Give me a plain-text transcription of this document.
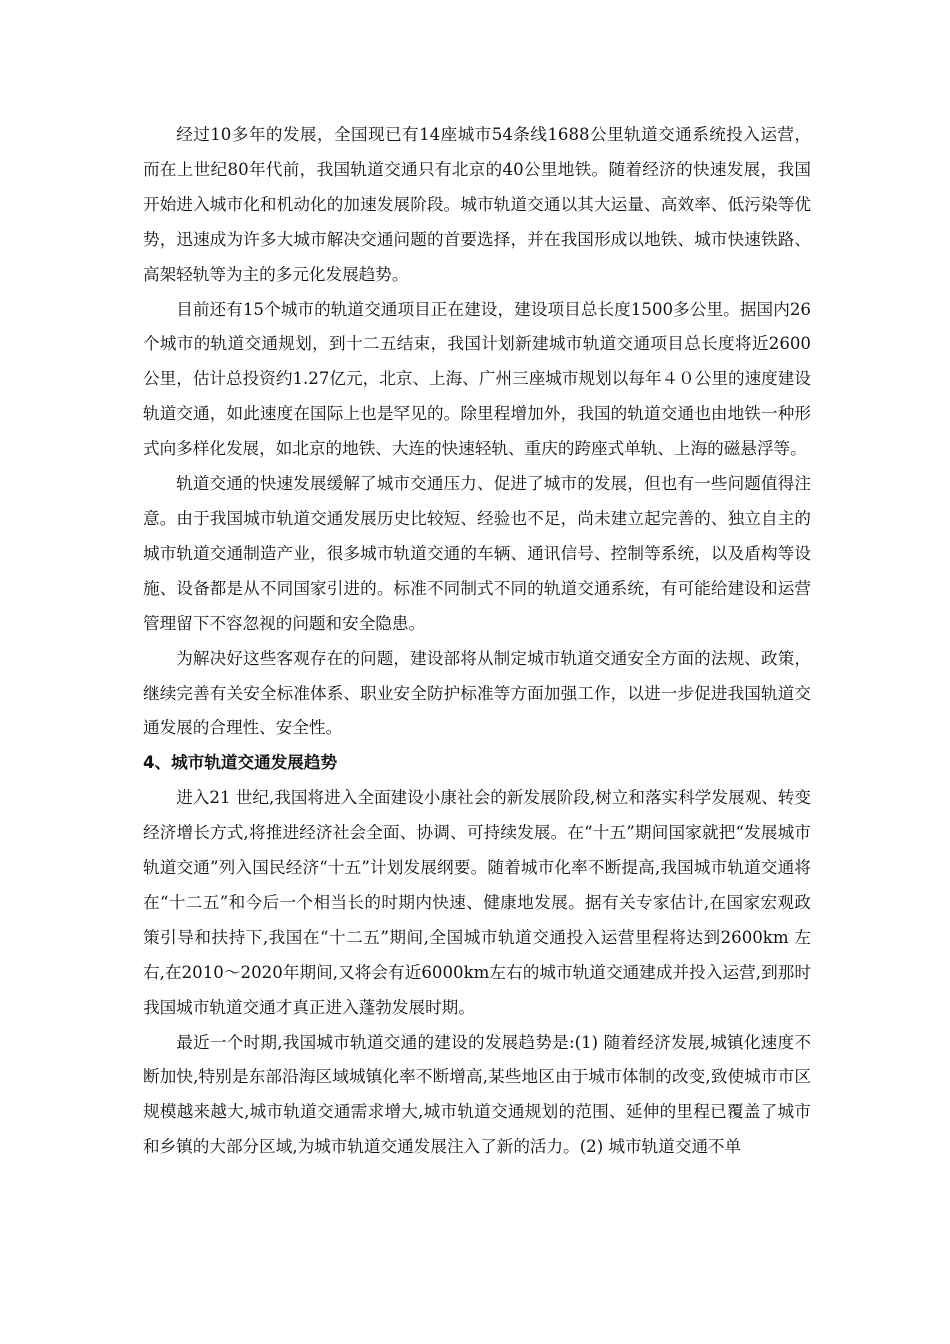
经过10多年的发展，全国现已有14座城市54条线1688公里轨道交通系统投入运营，而在上世纪80年代前，我国轨道交通只有北京的40公里地铁。随着经济的快速发展，我国开始进入城市化和机动化的加速发展阶段。城市轨道交通以其大运量、高效率、低污染等优势，迅速成为许多大城市解决交通问题的首要选择，并在我国形成以地铁、城市快速铁路、高架轻轨等为主的多元化发展趋势。

目前还有15个城市的轨道交通项目正在建设，建设项目总长度1500多公里。据国内26个城市的轨道交通规划，到十二五结束，我国计划新建城市轨道交通项目总长度将近2600公里，估计总投资约1.27亿元，北京、上海、广州三座城市规划以每年４０公里的速度建设轨道交通，如此速度在国际上也是罕见的。除里程增加外，我国的轨道交通也由地铁一种形式向多样化发展，如北京的地铁、大连的快速轻轨、重庆的跨座式单轨、上海的磁悬浮等。

轨道交通的快速发展缓解了城市交通压力、促进了城市的发展，但也有一些问题值得注意。由于我国城市轨道交通发展历史比较短、经验也不足，尚未建立起完善的、独立自主的城市轨道交通制造产业，很多城市轨道交通的车辆、通讯信号、控制等系统，以及盾构等设施、设备都是从不同国家引进的。标准不同制式不同的轨道交通系统，有可能给建设和运营管理留下不容忽视的问题和安全隐患。

为解决好这些客观存在的问题，建设部将从制定城市轨道交通安全方面的法规、政策，继续完善有关安全标准体系、职业安全防护标准等方面加强工作，以进一步促进我国轨道交通发展的合理性、安全性。

4、城市轨道交通发展趋势

进入21 世纪,我国将进入全面建设小康社会的新发展阶段,树立和落实科学发展观、转变经济增长方式,将推进经济社会全面、协调、可持续发展。在“十五”期间国家就把“发展城市轨道交通”列入国民经济“十五”计划发展纲要。随着城市化率不断提高,我国城市轨道交通将在“十二五”和今后一个相当长的时期内快速、健康地发展。据有关专家估计,在国家宏观政策引导和扶持下,我国在“十二五”期间,全国城市轨道交通投入运营里程将达到2600km 左右,在2010～2020年期间,又将会有近6000km左右的城市轨道交通建成并投入运营,到那时我国城市轨道交通才真正进入蓬勃发展时期。

最近一个时期,我国城市轨道交通的建设的发展趋势是:(1) 随着经济发展,城镇化速度不断加快,特别是东部沿海区域城镇化率不断增高,某些地区由于城市体制的改变,致使城市市区规模越来越大,城市轨道交通需求增大,城市轨道交通规划的范围、延伸的里程已覆盖了城市和乡镇的大部分区域,为城市轨道交通发展注入了新的活力。(2) 城市轨道交通不单
